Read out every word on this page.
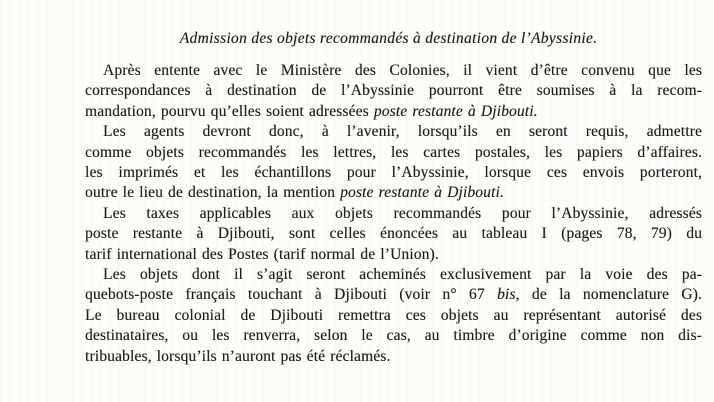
Admission des objets recommandés à destination de l’Abyssinie.
Après entente avec le Ministère des Colonies, il vient d’être convenu que les
correspondances à destination de l’Abyssinie pourront être soumises à la recom-
mandation, pourvu qu’elles soient adressées poste restante à Djibouti.
Les agents devront donc, à l’avenir, lorsqu’ils en seront requis, admettre
comme objets recommandés les lettres, les cartes postales, les papiers d’affaires.
les imprimés et les échantillons pour l’Abyssinie, lorsque ces envois porteront,
outre le lieu de destination, la mention poste restante à Djibouti.
Les taxes applicables aux objets recommandés pour l’Abyssinie, adressés
poste restante à Djibouti, sont celles énoncées au tableau I (pages 78, 79) du
tarif international des Postes (tarif normal de l’Union).
Les objets dont il s’agit seront acheminés exclusivement par la voie des pa-
quebots-poste français touchant à Djibouti (voir n° 67 bis, de la nomenclature G).
Le bureau colonial de Djibouti remettra ces objets au représentant autorisé des
destinataires, ou les renverra, selon le cas, au timbre d’origine comme non dis-
tribuables, lorsqu’ils n’auront pas été réclamés.
